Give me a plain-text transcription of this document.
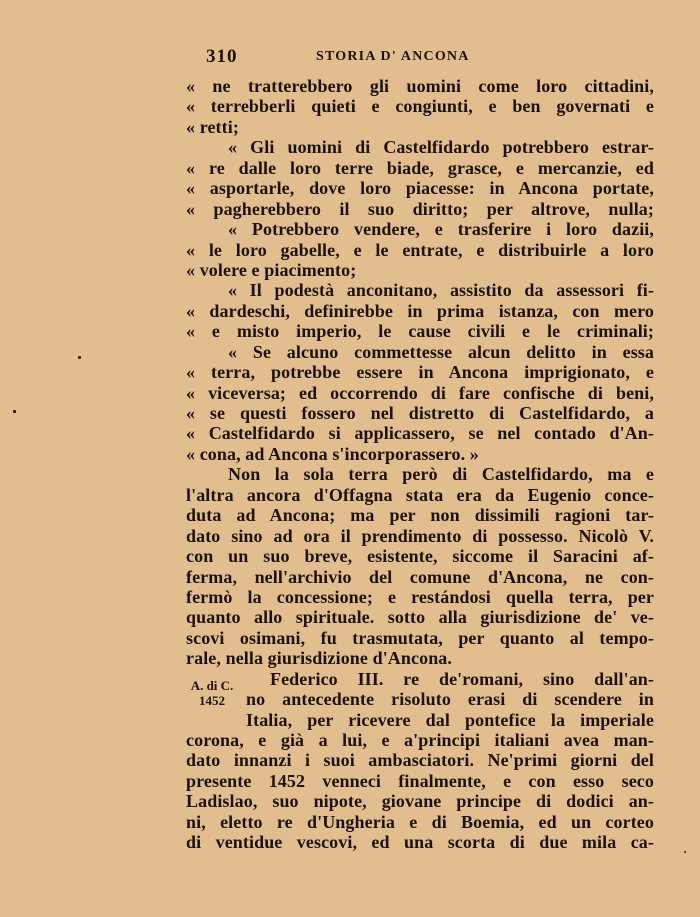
310	STORIA D' ANCONA
A. di C.
1452
« ne tratterebbero gli uomini come loro cittadini,
« terrebberli quieti e congiunti, e ben governati e
« retti;
« Gli uomini di Castelfidardo potrebbero estrar-
« re dalle loro terre biade, grasce, e mercanzie, ed
« asportarle, dove loro piacesse: in Ancona portate,
« pagherebbero il suo diritto; per altrove, nulla;
« Potrebbero vendere, e trasferire i loro dazii,
« le loro gabelle, e le entrate, e distribuirle a loro
« volere e piacimento;
« Il podestà anconitano, assistito da assessori fi-
« dardeschi, definirebbe in prima istanza, con mero
« e misto imperio, le cause civili e le criminali;
« Se alcuno commettesse alcun delitto in essa
« terra, potrebbe essere in Ancona imprigionato, e
« viceversa; ed occorrendo di fare confische di beni,
« se questi fossero nel distretto di Castelfidardo, a
« Castelfidardo si applicassero, se nel contado d'An-
« cona, ad Ancona s'incorporassero. »
Non la sola terra però di Castelfidardo, ma e
l'altra ancora d'Offagna stata era da Eugenio conce-
duta ad Ancona; ma per non dissimili ragioni tar-
dato sino ad ora il prendimento di possesso. Nicolò V.
con un suo breve, esistente, siccome il Saracini af-
ferma, nell'archivio del comune d'Ancona, ne con-
fermò la concessione; e restándosi quella terra, per
quanto allo spirituale. sotto alla giurisdizione de' ve-
scovi osimani, fu trasmutata, per quanto al tempo-
rale, nella giurisdizione d'Ancona.
Federico III. re de'romani, sino dall'an-
no antecedente risoluto erasi di scendere in
Italia, per ricevere dal pontefice la imperiale
corona, e già a lui, e a'principi italiani avea man-
dato innanzi i suoi ambasciatori. Ne'primi giorni del
presente 1452 venneci finalmente, e con esso seco
Ladislao, suo nipote, giovane principe di dodici an-
ni, eletto re d'Ungheria e di Boemia, ed un corteo
di ventidue vescovi, ed una scorta di due mila ca-
